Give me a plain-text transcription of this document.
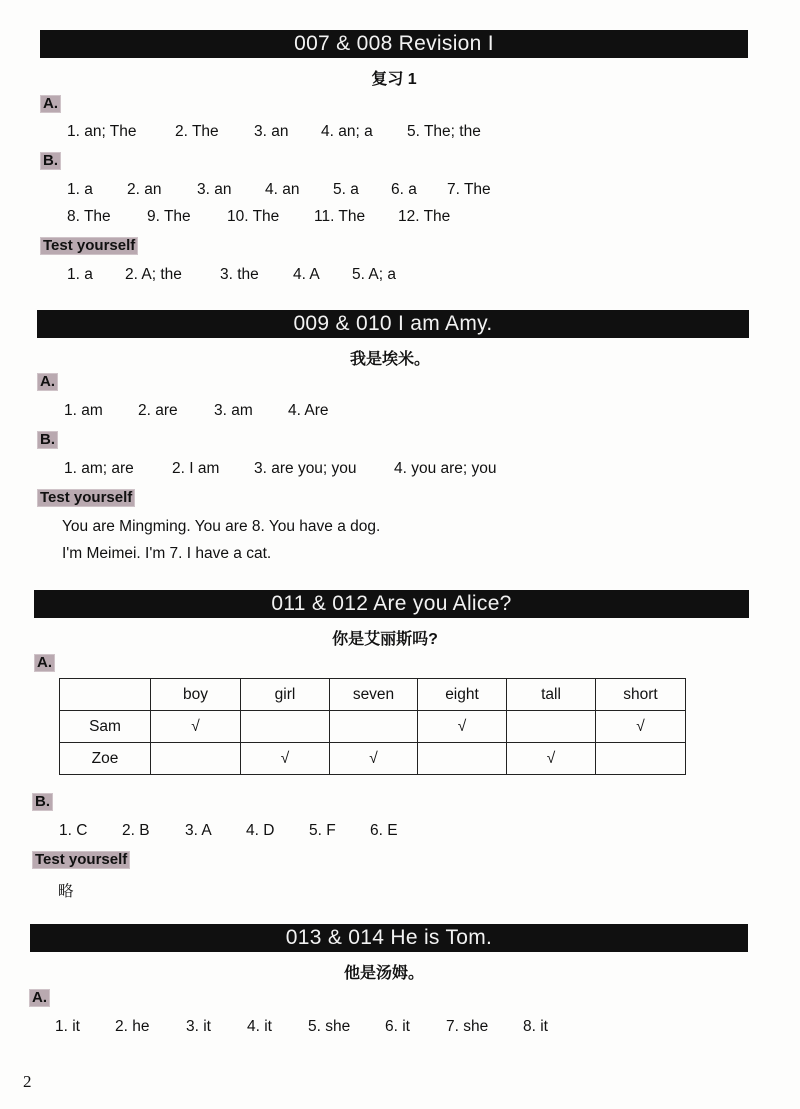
007 & 008 Revision I
复习 1
A.
1. an; The 2. The 3. an 4. an; a 5. The; the
B.
1. a 2. an 3. an 4. an 5. a 6. a 7. The
8. The 9. The 10. The 11. The 12. The
Test yourself
1. a 2. A; the 3. the 4. A 5. A; a
009 & 010 I am Amy.
我是埃米。
A.
1. am 2. are 3. am 4. Are
B.
1. am; are 2. I am 3. are you; you 4. you are; you
Test yourself
You are Mingming. You are 8. You have a dog.
I'm Meimei. I'm 7. I have a cat.
011 & 012 Are you Alice?
你是艾丽斯吗?
A.
	boy	girl	seven	eight	tall	short
Sam	√			√		√
Zoe		√	√		√	
B.
1. C 2. B 3. A 4. D 5. F 6. E
Test yourself
略
013 & 014 He is Tom.
他是汤姆。
A.
1. it 2. he 3. it 4. it 5. she 6. it 7. she 8. it
2
